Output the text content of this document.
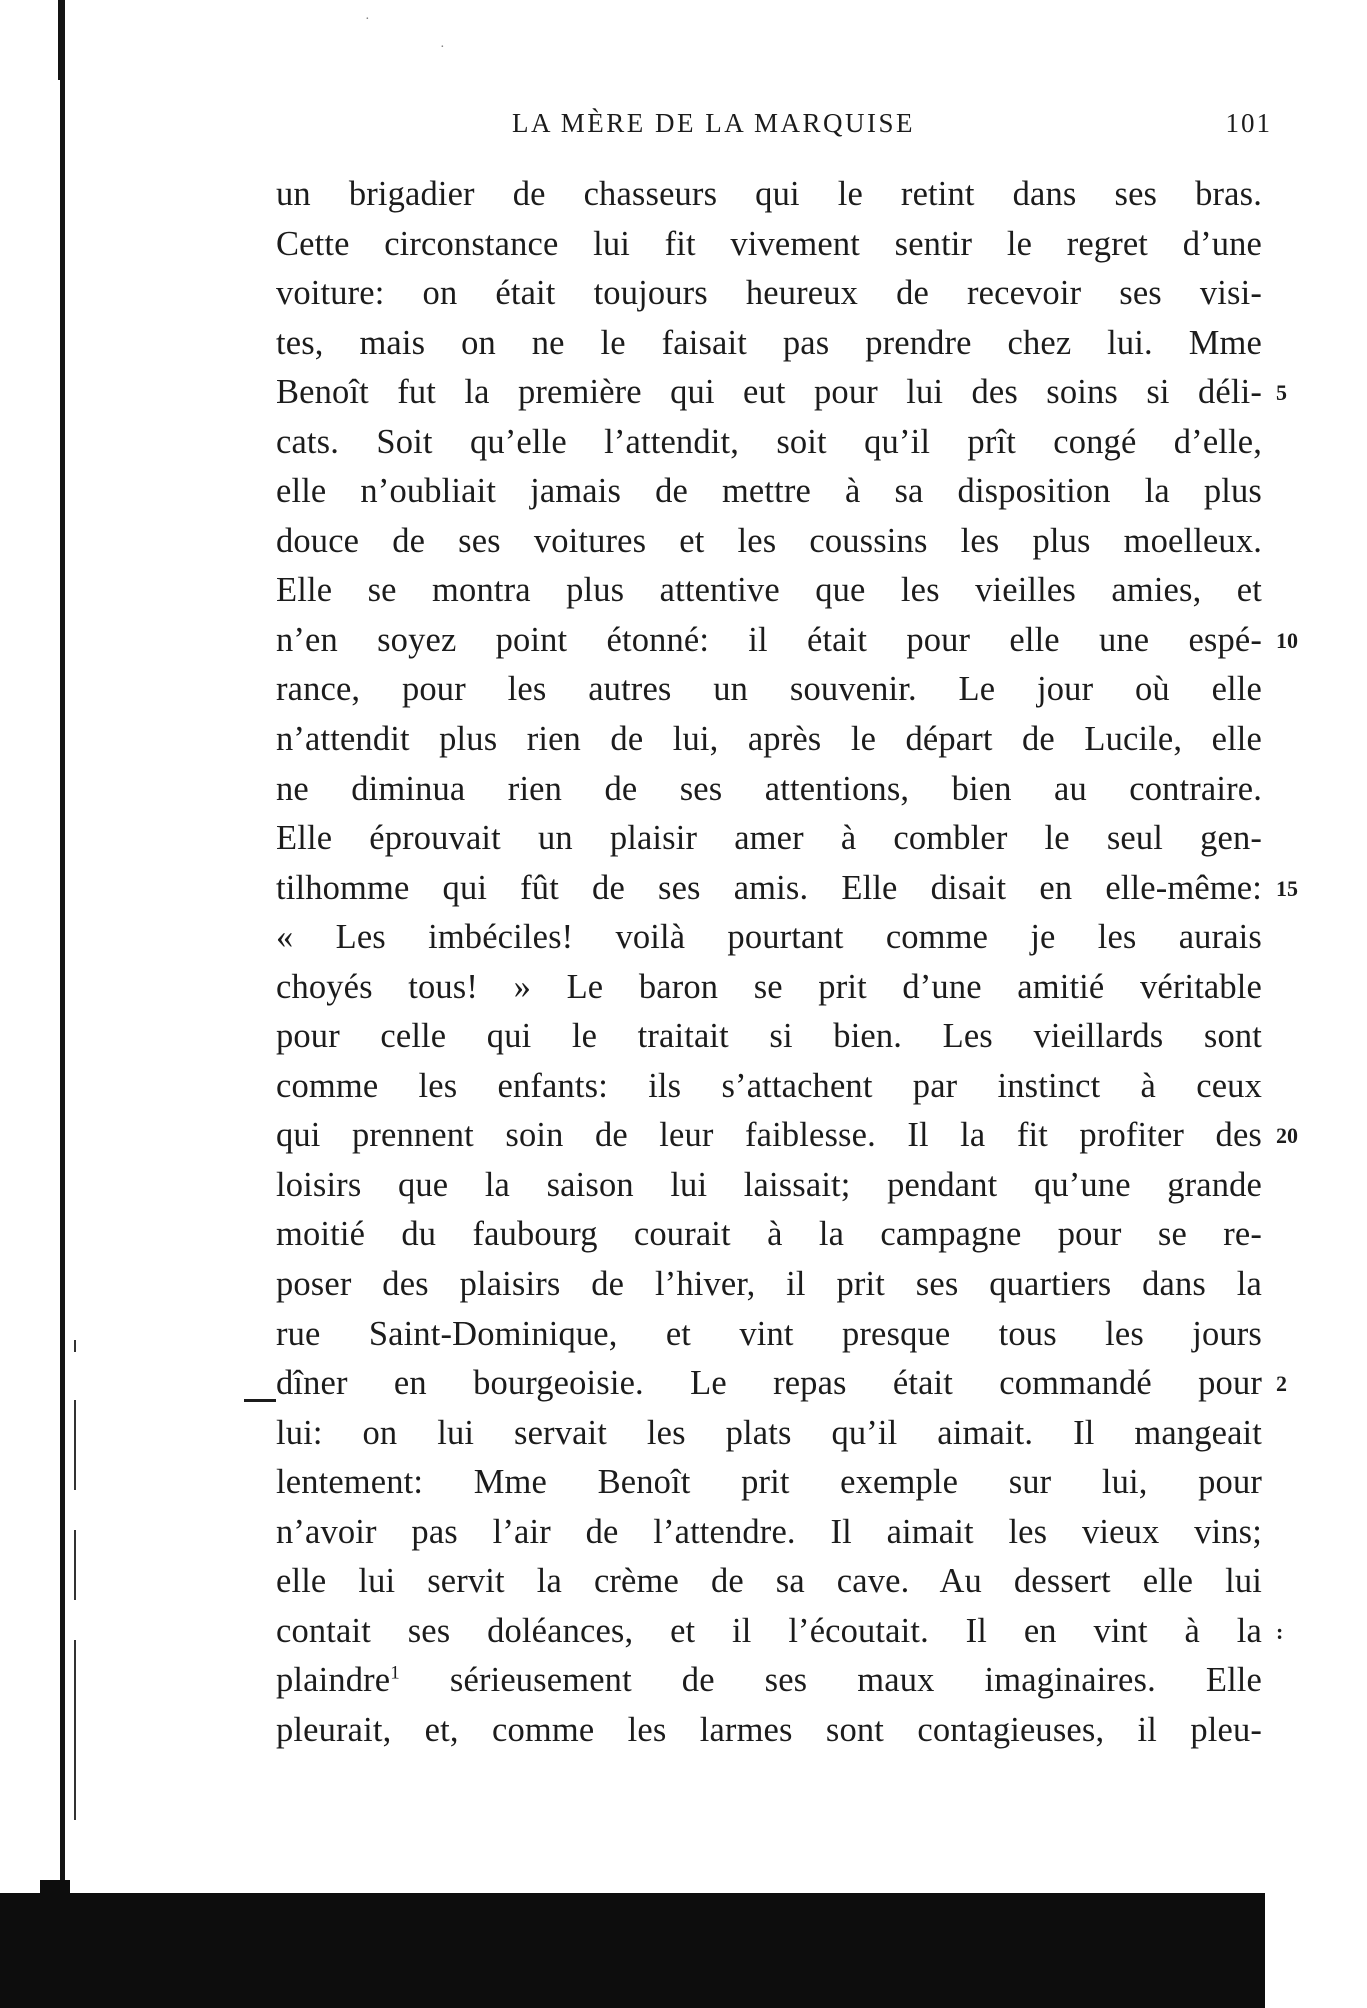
·
·
LA MÈRE DE LA MARQUISE	101
un brigadier de chasseurs qui le retint dans ses bras.
Cette circonstance lui fit vivement sentir le regret d’une
voiture: on était toujours heureux de recevoir ses visi-
tes, mais on ne le faisait pas prendre chez lui. Mme
Benoît fut la première qui eut pour lui des soins si déli-
cats. Soit qu’elle l’attendit, soit qu’il prît congé d’elle,
elle n’oubliait jamais de mettre à sa disposition la plus
douce de ses voitures et les coussins les plus moelleux.
Elle se montra plus attentive que les vieilles amies, et
n’en soyez point étonné: il était pour elle une espé-
rance, pour les autres un souvenir. Le jour où elle
n’attendit plus rien de lui, après le départ de Lucile, elle
ne diminua rien de ses attentions, bien au contraire.
Elle éprouvait un plaisir amer à combler le seul gen-
tilhomme qui fût de ses amis. Elle disait en elle-même:
« Les imbéciles! voilà pourtant comme je les aurais
choyés tous! » Le baron se prit d’une amitié véritable
pour celle qui le traitait si bien. Les vieillards sont
comme les enfants: ils s’attachent par instinct à ceux
qui prennent soin de leur faiblesse. Il la fit profiter des
loisirs que la saison lui laissait; pendant qu’une grande
moitié du faubourg courait à la campagne pour se re-
poser des plaisirs de l’hiver, il prit ses quartiers dans la
rue Saint-Dominique, et vint presque tous les jours
dîner en bourgeoisie. Le repas était commandé pour
lui: on lui servait les plats qu’il aimait. Il mangeait
lentement: Mme Benoît prit exemple sur lui, pour
n’avoir pas l’air de l’attendre. Il aimait les vieux vins;
elle lui servit la crème de sa cave. Au dessert elle lui
contait ses doléances, et il l’écoutait. Il en vint à la
plaindre$^1$ sérieusement de ses maux imaginaires. Elle
pleurait, et, comme les larmes sont contagieuses, il pleu-
5
10
15
20
2
:
